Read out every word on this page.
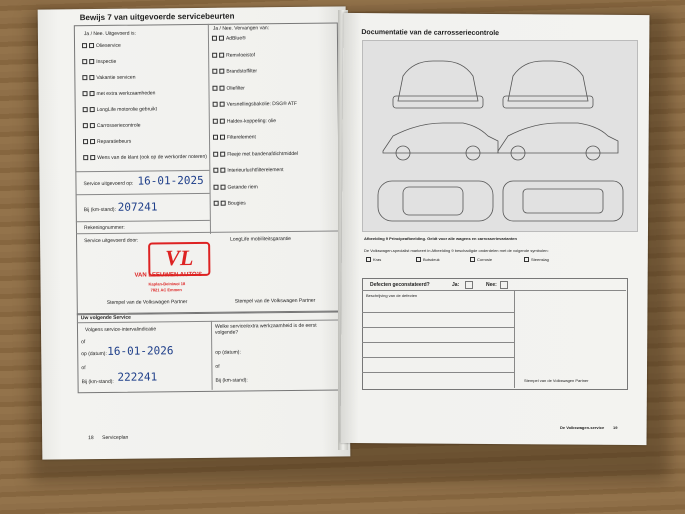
Bewijs 7 van uitgevoerde servicebeurten
Ja / Nee. Uitgevoerd is:
Ja / Nee. Vervangen van:
Service uitgevoerd op: 16-01-2025
Bij (km-stand): 207241
Rekeningnummer:
Service uitgevoerd door:	LongLife mobiliteitsgarantie
VL
VAN LEEUWEN AUTO'S
Kaplan-Beiniwoi 18
7821 AC Emmen
Stempel van de Volkswagen Partner	Stempel van de Volkswagen Partner
Uw volgende Service
Volgens service-intervalindicatie
of
op (datum): 16-01-2026
of
Bij (km-stand): 222241
Welke service/extra werkzaamheid is de eerst volgende?
op (datum):
of
Bij (km-stand):
18 Serviceplan
Olieservice
Inspectie
Vakantie servicen
met extra werkzaamheden
LongLife motorolie gebruikt
Carrosseriecontrole
Reparatiebeurs
Wens van de klant (ook op de werkorder noteren)
AdBlue®
Remvloeistof
Brandstoffilter
Oliefilter
Versnellingsbakolie: DSG® ATF
Haldex-koppeling: olie
Filterelement
Fleeje met bandenafdichtmiddel
Interieurluchtfilterelement
Getande riem
Bougies
Documentatie van de carrosseriecontrole
Afbeelding 9 Principeafbeelding. Geldt voor alle wagens en carrosserievarianten
De Volkswagen-specialist markeert in Afbeelding 9 beschadigde onderdelen met de volgende symbolen:
Kras	Butsdeuk	Corrosie	Steenslag
Defecten geconstateerd?	Ja:	Nee:
Beschrijving van de defecten
Stempel van de Volkswagen Partner
De Volkswagen-service 19
